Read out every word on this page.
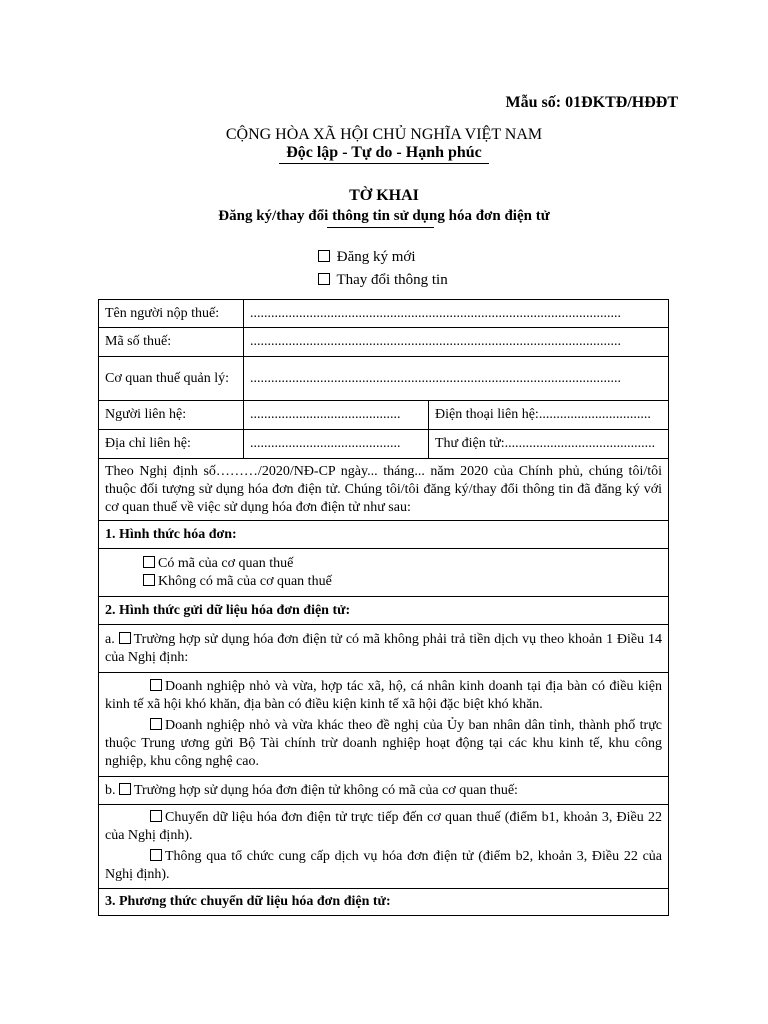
Mẫu số: 01ĐKTĐ/HĐĐT
CỘNG HÒA XÃ HỘI CHỦ NGHĨA VIỆT NAM
Độc lập - Tự do - Hạnh phúc
TỜ KHAI
Đăng ký/thay đổi thông tin sử dụng hóa đơn điện tử
Đăng ký mới
Thay đổi thông tin
Tên người nộp thuế:	..........................................................................................................	
Mã số thuế:	..........................................................................................................	
Cơ quan thuế quản lý:	..........................................................................................................	
Người liên hệ:	...........................................	Điện thoại liên hệ:................................
Địa chỉ liên hệ:	...........................................	Thư điện tử:...........................................
Theo Nghị định số………/2020/NĐ-CP ngày... tháng... năm 2020 của Chính phủ, chúng tôi/tôi thuộc đối tượng sử dụng hóa đơn điện tử. Chúng tôi/tôi đăng ký/thay đổi thông tin đã đăng ký với cơ quan thuế về việc sử dụng hóa đơn điện tử như sau:		
1. Hình thức hóa đơn:		

Có mã của cơ quan thuế
Không có mã của cơ quan thuế		

2. Hình thức gửi dữ liệu hóa đơn điện tử:		
a. Trường hợp sử dụng hóa đơn điện tử có mã không phải trả tiền dịch vụ theo khoản 1 Điều 14 của Nghị định:		

Doanh nghiệp nhỏ và vừa, hợp tác xã, hộ, cá nhân kinh doanh tại địa bàn có điều kiện kinh tế xã hội khó khăn, địa bàn có điều kiện kinh tế xã hội đặc biệt khó khăn.
Doanh nghiệp nhỏ và vừa khác theo đề nghị của Ủy ban nhân dân tỉnh, thành phố trực thuộc Trung ương gửi Bộ Tài chính trừ doanh nghiệp hoạt động tại các khu kinh tế, khu công nghiệp, khu công nghệ cao.		

b. Trường hợp sử dụng hóa đơn điện tử không có mã của cơ quan thuế:		

Chuyển dữ liệu hóa đơn điện tử trực tiếp đến cơ quan thuế (điểm b1, khoản 3, Điều 22 của Nghị định).
Thông qua tổ chức cung cấp dịch vụ hóa đơn điện tử (điểm b2, khoản 3, Điều 22 của Nghị định).		

3. Phương thức chuyển dữ liệu hóa đơn điện tử:		
